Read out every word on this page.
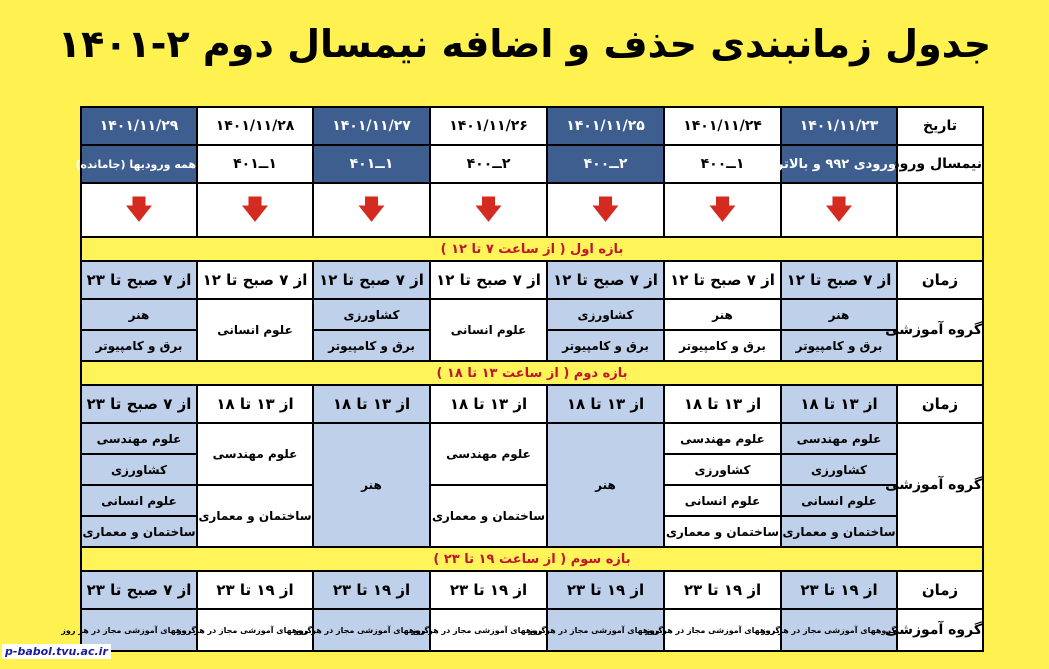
جدول زمانبندی حذف و اضافه نیمسال دوم ۲-۱۴۰۱
تاریخ	۱۴۰۱/۱۱/۲۳	۱۴۰۱/۱۱/۲۴	۱۴۰۱/۱۱/۲۵	۱۴۰۱/۱۱/۲۶	۱۴۰۱/۱۱/۲۷	۱۴۰۱/۱۱/۲۸	۱۴۰۱/۱۱/۲۹
نیمسال ورود	ورودی ۹۹۲ و بالاتر	۱ــ۴۰۰	۲ــ۴۰۰	۲ــ۴۰۰	۱ــ۴۰۱	۱ــ۴۰۱	همه ورودیها (جامانده)
	🡇	🡇	🡇	🡇	🡇	🡇	🡇
بازه اول ( از ساعت ۷ تا ۱۲ )							
زمان	از ۷ صبح تا ۱۲	از ۷ صبح تا ۱۲	از ۷ صبح تا ۱۲	از ۷ صبح تا ۱۲	از ۷ صبح تا ۱۲	از ۷ صبح تا ۱۲	از ۷ صبح تا ۲۳
گروه آموزشی	هنر	هنر	کشاورزی	علوم انسانی	کشاورزی	علوم انسانی	هنر
	برق و کامپیوتر	برق و کامپیوتر	برق و کامپیوتر		برق و کامپیوتر		برق و کامپیوتر
بازه دوم ( از ساعت ۱۳ تا ۱۸ )							
زمان	از ۱۳ تا ۱۸	از ۱۳ تا ۱۸	از ۱۳ تا ۱۸	از ۱۳ تا ۱۸	از ۱۳ تا ۱۸	از ۱۳ تا ۱۸	از ۷ صبح تا ۲۳
گروه آموزشی	علوم مهندسی	علوم مهندسی	هنر	علوم مهندسی	هنر	علوم مهندسی	علوم مهندسی
	کشاورزی	کشاورزی					کشاورزی
	علوم انسانی	علوم انسانی		ساختمان و معماری		ساختمان و معماری	علوم انسانی
	ساختمان و معماری	ساختمان و معماری					ساختمان و معماری
بازه سوم ( از ساعت ۱۹ تا ۲۳ )							
زمان	از ۱۹ تا ۲۳	از ۱۹ تا ۲۳	از ۱۹ تا ۲۳	از ۱۹ تا ۲۳	از ۱۹ تا ۲۳	از ۱۹ تا ۲۳	از ۷ صبح تا ۲۳
گروه آموزشی	گروههای آموزشی مجاز در هر روز	گروههای آموزشی مجاز در هر روز	گروههای آموزشی مجاز در هر روز	گروههای آموزشی مجاز در هر روز	گروههای آموزشی مجاز در هر روز	گروههای آموزشی مجاز در هر روز	گروههای آموزشی مجاز در هر روز
p-babol.tvu.ac.ir
